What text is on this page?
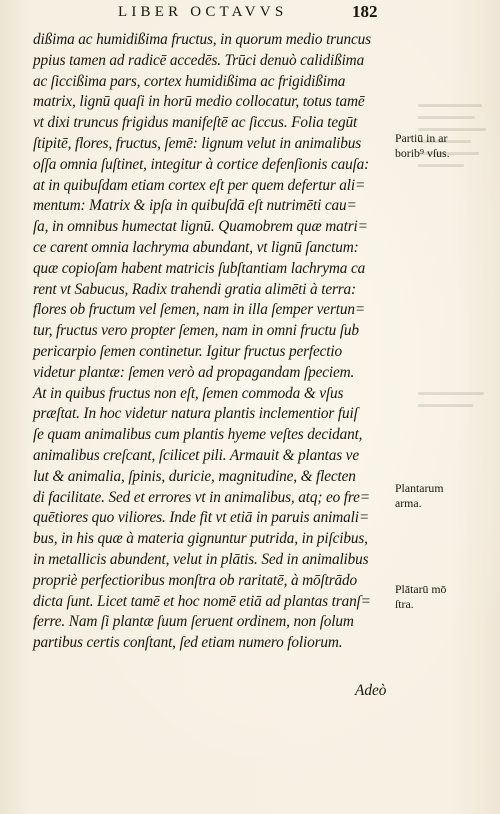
LIBER OCTAVVS	182
dißima ac humidißima fructus, in quorum medio truncus
ppius tamen ad radicē accedēs. Trūci denuò calidißima
ac ſiccißima pars, cortex humidißima ac frigidißima
matrix, lignū quaſi in horū medio collocatur, totus tamē
vt dixi truncus frigidus manifeſtē ac ſiccus. Folia tegūt
ſtipitē, flores, fructus, ſemē: lignum velut in animalibus
oſſa omnia ſuſtinet, integitur à cortice defenſionis cauſa:
at in quibuſdam etiam cortex eſt per quem defertur ali=
mentum: Matrix & ipſa in quibuſdā eſt nutrimēti cau=
ſa, in omnibus humectat lignū. Quamobrem quæ matri=
ce carent omnia lachryma abundant, vt lignū ſanctum:
quæ copioſam habent matricis ſubſtantiam lachryma ca
rent vt Sabucus, Radix trahendi gratia alimēti à terra:
flores ob fructum vel ſemen, nam in illa ſemper vertun=
tur, fructus vero propter ſemen, nam in omni fructu ſub
pericarpio ſemen continetur. Igitur fructus perfectio
videtur plantæ: ſemen verò ad propagandam ſpeciem.
At in quibus fructus non eſt, ſemen commoda & vſus
præſtat. In hoc videtur natura plantis inclementior fuiſ
ſe quam animalibus cum plantis hyeme veſtes decidant,
animalibus creſcant, ſcilicet pili. Armauit & plantas ve
lut & animalia, ſpinis, duricie, magnitudine, & flecten
di facilitate. Sed et errores vt in animalibus, atq; eo fre=
quētiores quo viliores. Inde fit vt etiā in paruis animali=
bus, in his quæ à materia gignuntur putrida, in piſcibus,
in metallicis abundent, velut in plātis. Sed in animalibus
propriè perfectioribus monſtra ob raritatē, à mōſtrādo
dicta ſunt. Licet tamē et hoc nomē etiā ad plantas tranſ=
ferre. Nam ſi plantæ ſuum ſeruent ordinem, non ſolum
partibus certis conſtant, ſed etiam numero foliorum.
Adeò
Partiū in ar
borib⁹ vſus.
Plantarum
arma.
Plātarū mō
ſtra.
